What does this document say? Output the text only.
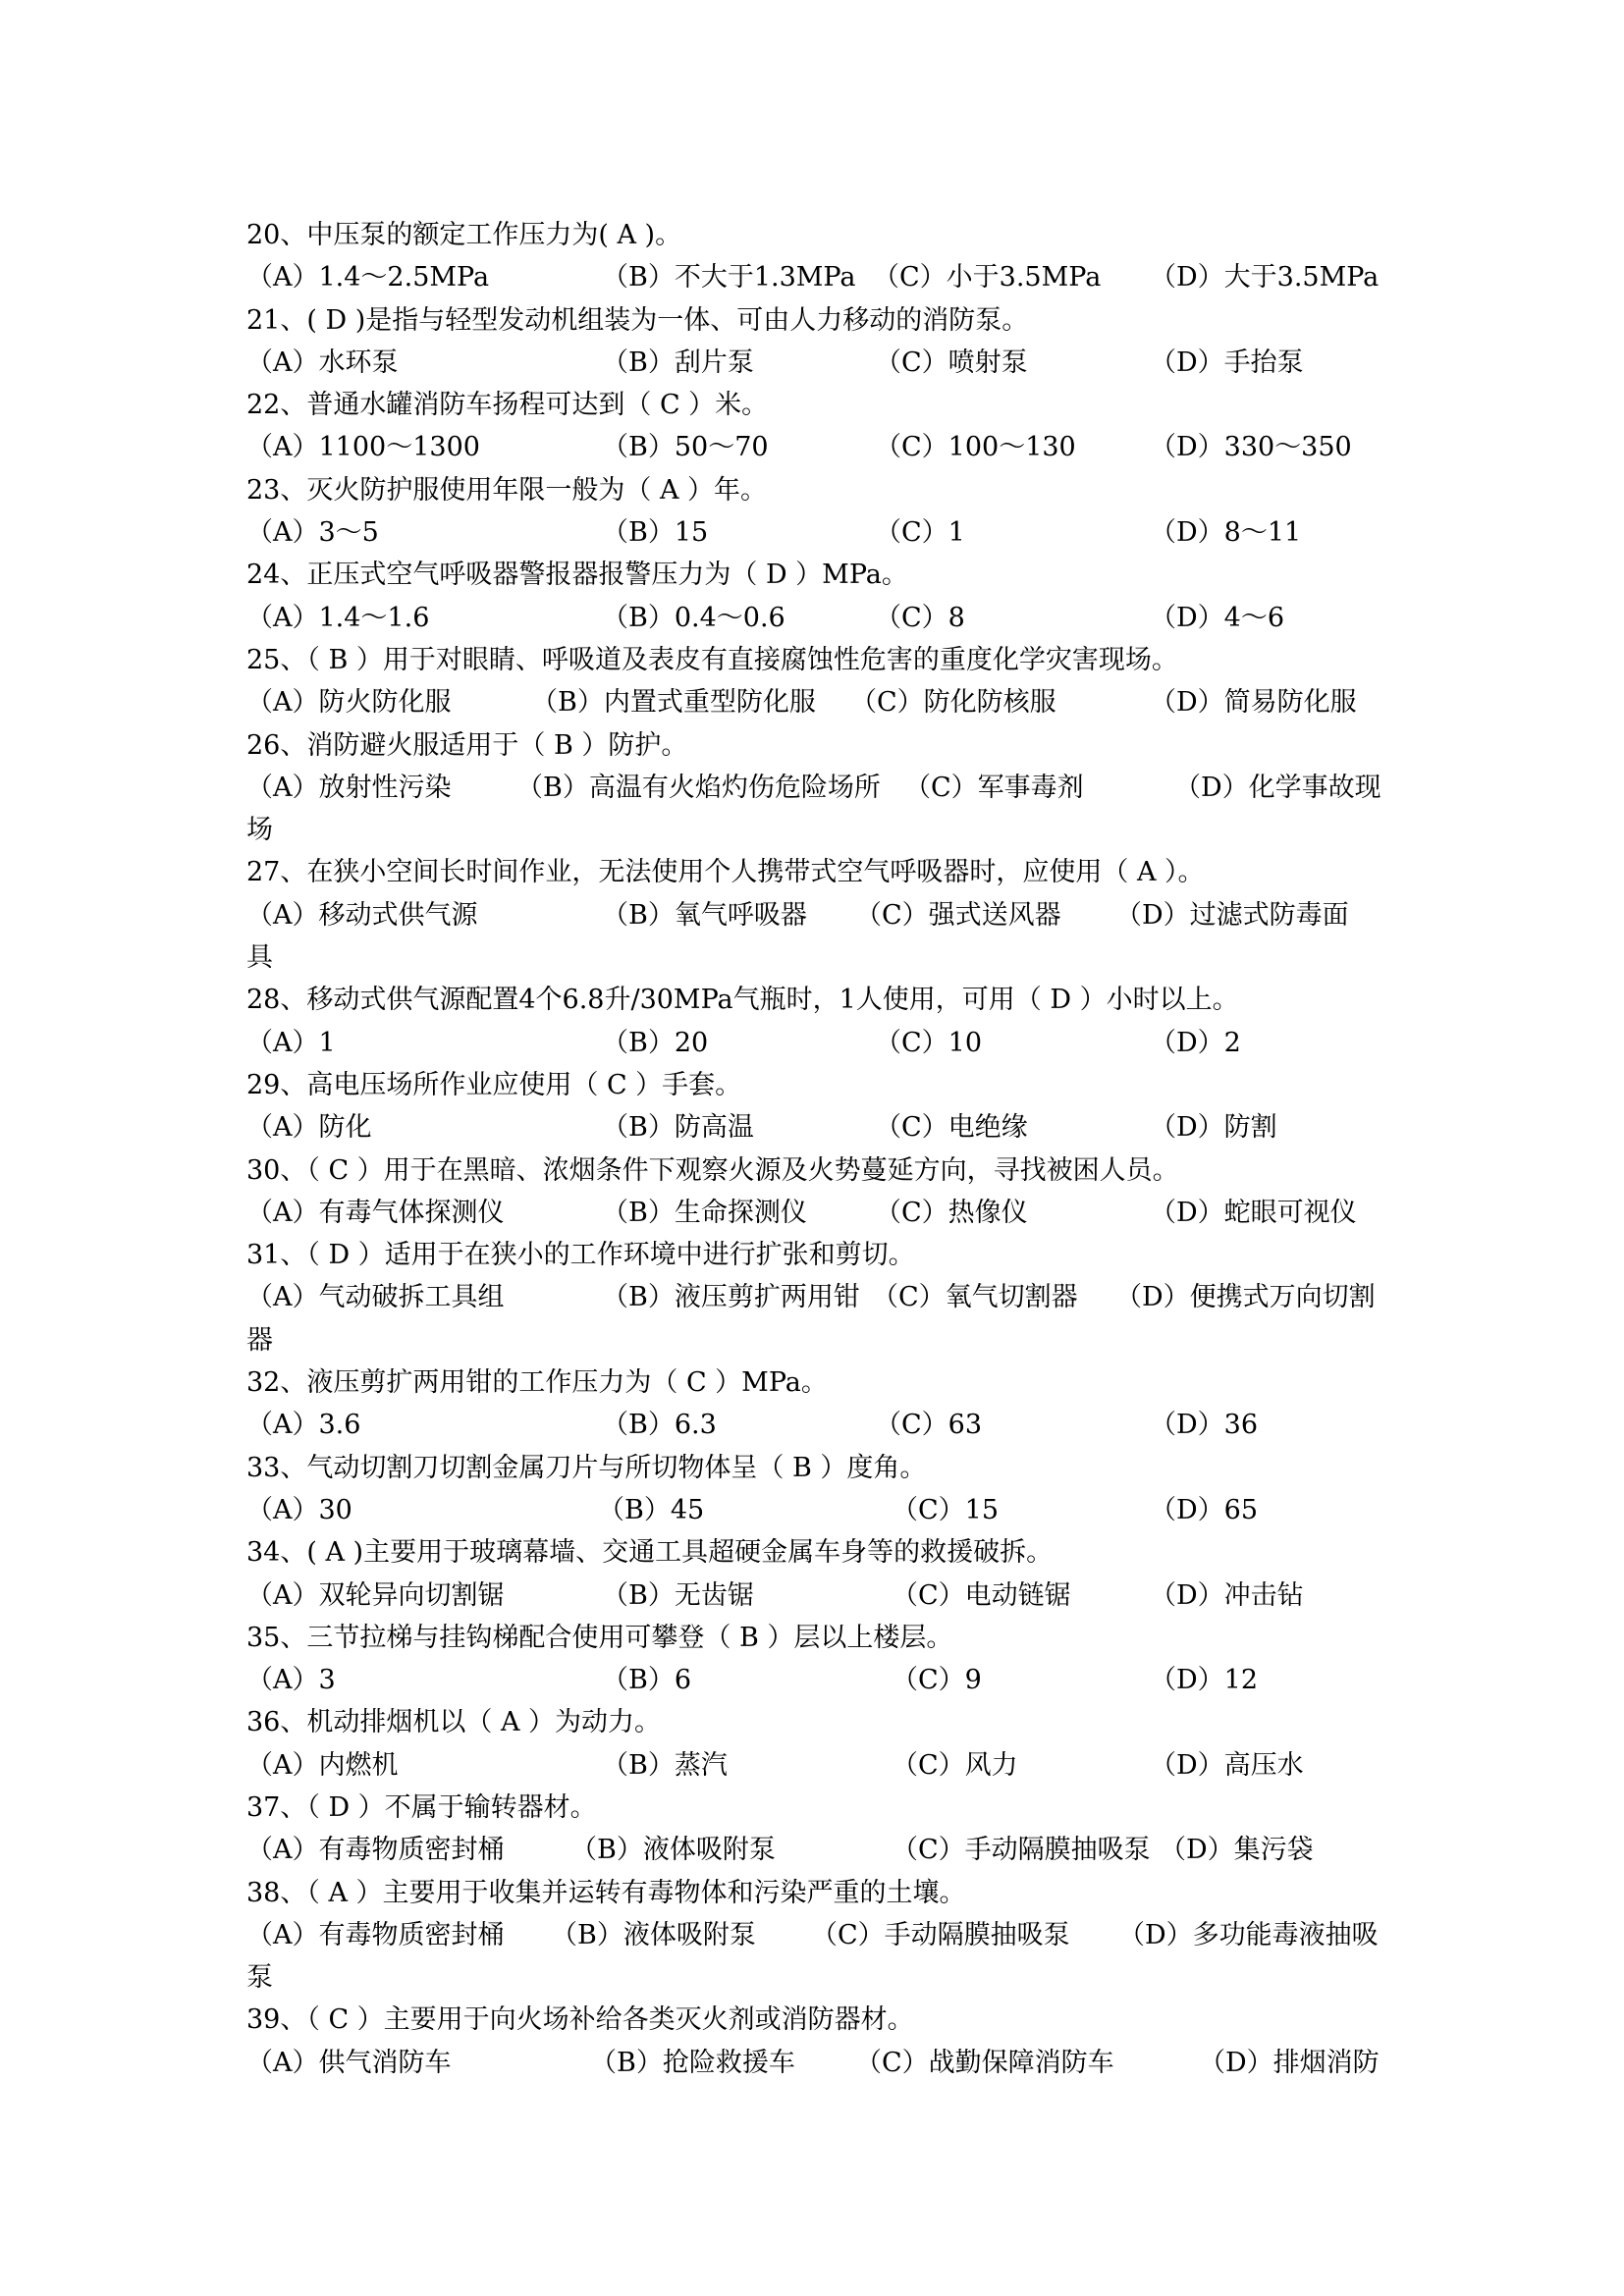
20、中压泵的额定工作压力为( A )。
（A）1.4～2.5MPa	（B）不大于1.3MPa （C）小于3.5MPa （D）大于3.5MPa
21、( D )是指与轻型发动机组装为一体、可由人力移动的消防泵。
（A）水环泵	（B）刮片泵	（C）喷射泵	（D）手抬泵
22、普通水罐消防车扬程可达到（ C ）米。
（A）1100～1300	（B）50～70	（C）100～130	（D）330～350
23、灭火防护服使用年限一般为（ A ）年。
（A）3～5	（B）15	（C）1	（D）8～11
24、正压式空气呼吸器警报器报警压力为（ D ）MPa。
（A）1.4～1.6	（B）0.4～0.6	（C）8	（D）4～6
25、（ B ）用于对眼睛、呼吸道及表皮有直接腐蚀性危害的重度化学灾害现场。
（A）防火防化服	（B）内置式重型防化服 （C）防化防核服	（D）简易防化服
26、消防避火服适用于（ B ）防护。
（A）放射性污染 （B）高温有火焰灼伤危险场所 （C）军事毒剂	（D）化学事故现
场
27、在狭小空间长时间作业，无法使用个人携带式空气呼吸器时，应使用（ A ）。
（A）移动式供气源	（B）氧气呼吸器 （C）强式送风器 （D）过滤式防毒面
具
28、移动式供气源配置4个6.8升/30MPa气瓶时，1人使用，可用（ D ）小时以上。
（A）1	（B）20	（C）10	（D）2
29、高电压场所作业应使用（ C ）手套。
（A）防化	（B）防高温	（C）电绝缘	（D）防割
30、（ C ）用于在黑暗、浓烟条件下观察火源及火势蔓延方向，寻找被困人员。
（A）有毒气体探测仪	（B）生命探测仪	（C）热像仪	（D）蛇眼可视仪
31、（ D ）适用于在狭小的工作环境中进行扩张和剪切。
（A）气动破拆工具组	（B）液压剪扩两用钳 （C）氧气切割器 （D）便携式万向切割
器
32、液压剪扩两用钳的工作压力为（ C ）MPa。
（A）3.6	（B）6.3	（C）63	（D）36
33、气动切割刀切割金属刀片与所切物体呈（ B ）度角。
（A）30	（B）45	（C）15	（D）65
34、( A )主要用于玻璃幕墙、交通工具超硬金属车身等的救援破拆。
（A）双轮异向切割锯	（B）无齿锯	（C）电动链锯	（D）冲击钻
35、三节拉梯与挂钩梯配合使用可攀登（ B ）层以上楼层。
（A）3	（B）6	（C）9	（D）12
36、机动排烟机以（ A ）为动力。
（A）内燃机	（B）蒸汽	（C）风力	（D）高压水
37、（ D ）不属于输转器材。
（A）有毒物质密封桶	（B）液体吸附泵	（C）手动隔膜抽吸泵 （D）集污袋
38、（ A ）主要用于收集并运转有毒物体和污染严重的土壤。
（A）有毒物质密封桶 （B）液体吸附泵 （C）手动隔膜抽吸泵 （D）多功能毒液抽吸
泵
39、（ C ）主要用于向火场补给各类灭火剂或消防器材。
（A）供气消防车	（B）抢险救援车 （C）战勤保障消防车	（D）排烟消防
